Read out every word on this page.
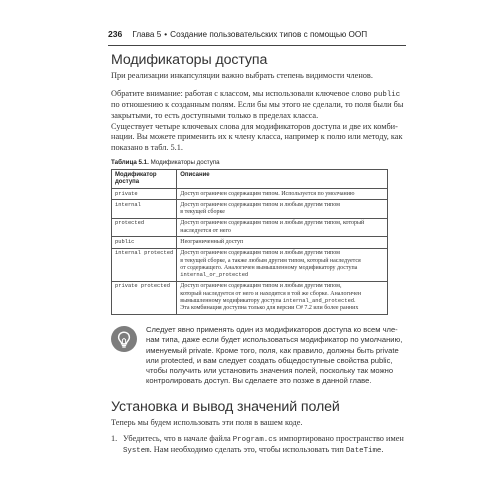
236 Глава 5 • Создание пользовательских типов с помощью ООП
Модификаторы доступа
При реализации инкапсуляции важно выбрать степень видимости членов.
Обратите внимание: работая с классом, мы использовали ключевое слово public
по отношению к созданным полям. Если бы мы этого не сделали, то поля были бы
закрытыми, то есть доступными только в пределах класса.
Существует четыре ключевых слова для модификаторов доступа и две их комби-
нации. Вы можете применить их к члену класса, например к полю или методу, как
показано в табл. 5.1.
Таблица 5.1. Модификаторы доступа
Модификатор
доступа	Описание
private	Доступ ограничен содержащим типом. Используется по умолчанию

internal	Доступ ограничен содержащим типом и любым другим типом
в текущей сборке

protected	Доступ ограничен содержащим типом и любым другим типом, который
наследуется от него

public	Неограниченный доступ

internal protected	Доступ ограничен содержащим типом и любым другим типом
в текущей сборке, а также любым другим типом, который наследуется
от содержащего. Аналогичен вымышленному модификатору доступа
internal_or_protected

private protected	Доступ ограничен содержащим типом и любым другим типом,
который наследуется от него и находится в той же сборке. Аналогичен
вымышленному модификатору доступа internal_and_protected.
Эта комбинация доступна только для версии C# 7.2 или более ранних
Следует явно применять один из модификаторов доступа ко всем чле-
нам типа, даже если будет использоваться модификатор по умолчанию,
именуемый private. Кроме того, поля, как правило, должны быть private
или protected, и вам следует создать общедоступные свойства public,
чтобы получить или установить значения полей, поскольку так можно
контролировать доступ. Вы сделаете это позже в данной главе.
Установка и вывод значений полей
Теперь мы будем использовать эти поля в вашем коде.
1. Убедитесь, что в начале файла Program.cs импортировано пространство имен
System. Нам необходимо сделать это, чтобы использовать тип DateTime.
